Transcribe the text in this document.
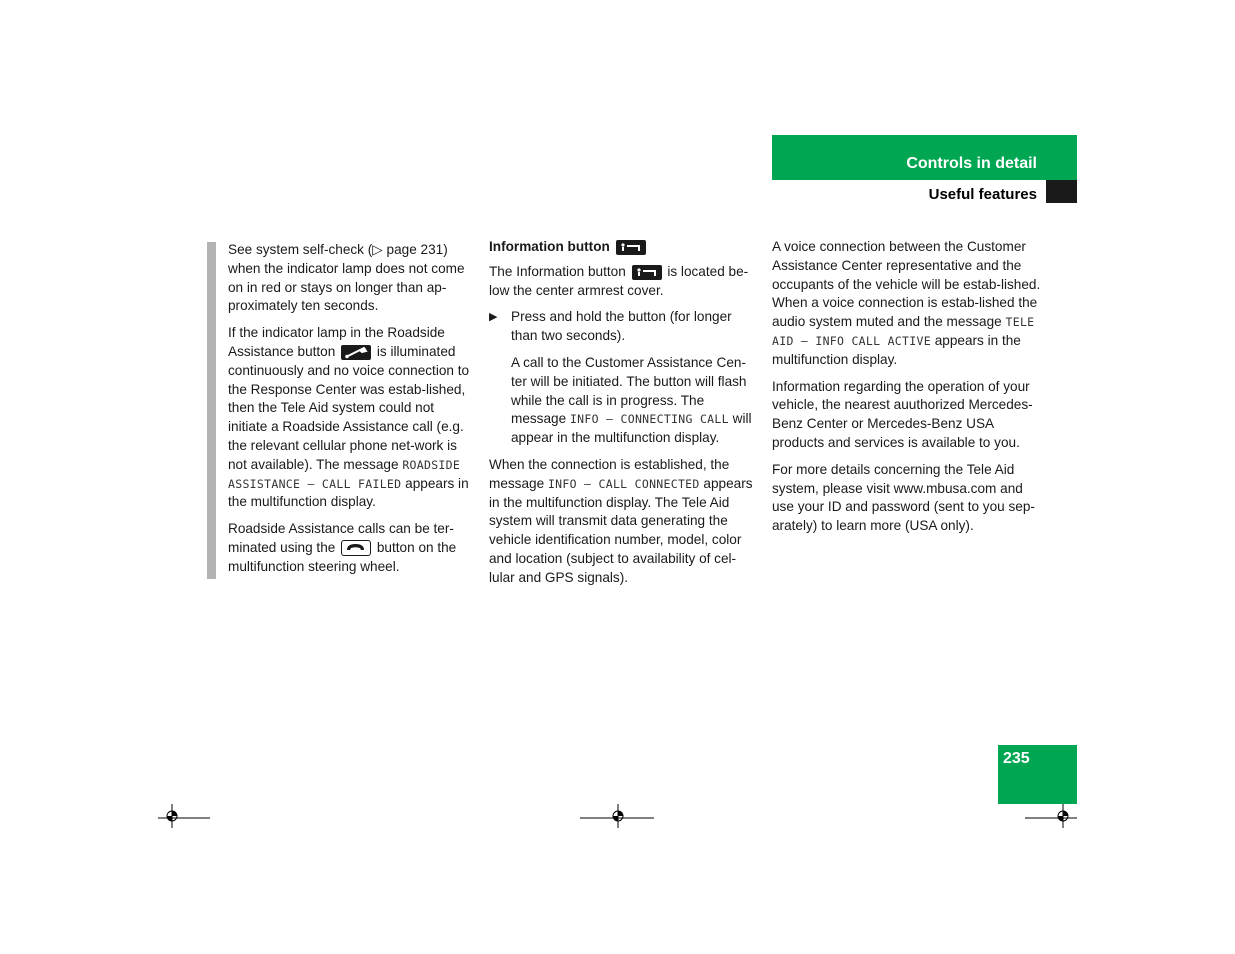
Controls in detail
Useful features

See system self-check (▷ page 231) when the indicator lamp does not come on in red or stays on longer than ap-proximately ten seconds.

If the indicator lamp in the Roadside Assistance button	is illuminated continuously and no voice connection to the Response Center was estab-lished, then the Tele Aid system could not initiate a Roadside Assistance call (e.g. the relevant cellular phone net-work is not available). The message ROADSIDE ASSISTANCE – CALL FAILED appears in the multifunction display.

Roadside Assistance calls can be ter-minated using the	button on the multifunction steering wheel.

Information button

The Information button	is located be-low the center armrest cover.

▶ Press and hold the button (for longer than two seconds).

A call to the Customer Assistance Cen-ter will be initiated. The button will flash while the call is in progress. The message INFO – CONNECTING CALL will appear in the multifunction display.

When the connection is established, the message INFO – CALL CONNECTED appears in the multifunction display. The Tele Aid system will transmit data generating the vehicle identification number, model, color and location (subject to availability of cel-lular and GPS signals).

A voice connection between the Customer Assistance Center representative and the occupants of the vehicle will be estab-lished. When a voice connection is estab-lished the audio system muted and the message TELE AID – INFO CALL ACTIVE appears in the multifunction display.

Information regarding the operation of your vehicle, the nearest auuthorized Mercedes-Benz Center or Mercedes-Benz USA products and services is available to you.

For more details concerning the Tele Aid system, please visit www.mbusa.com and use your ID and password (sent to you sep-arately) to learn more (USA only).

235
